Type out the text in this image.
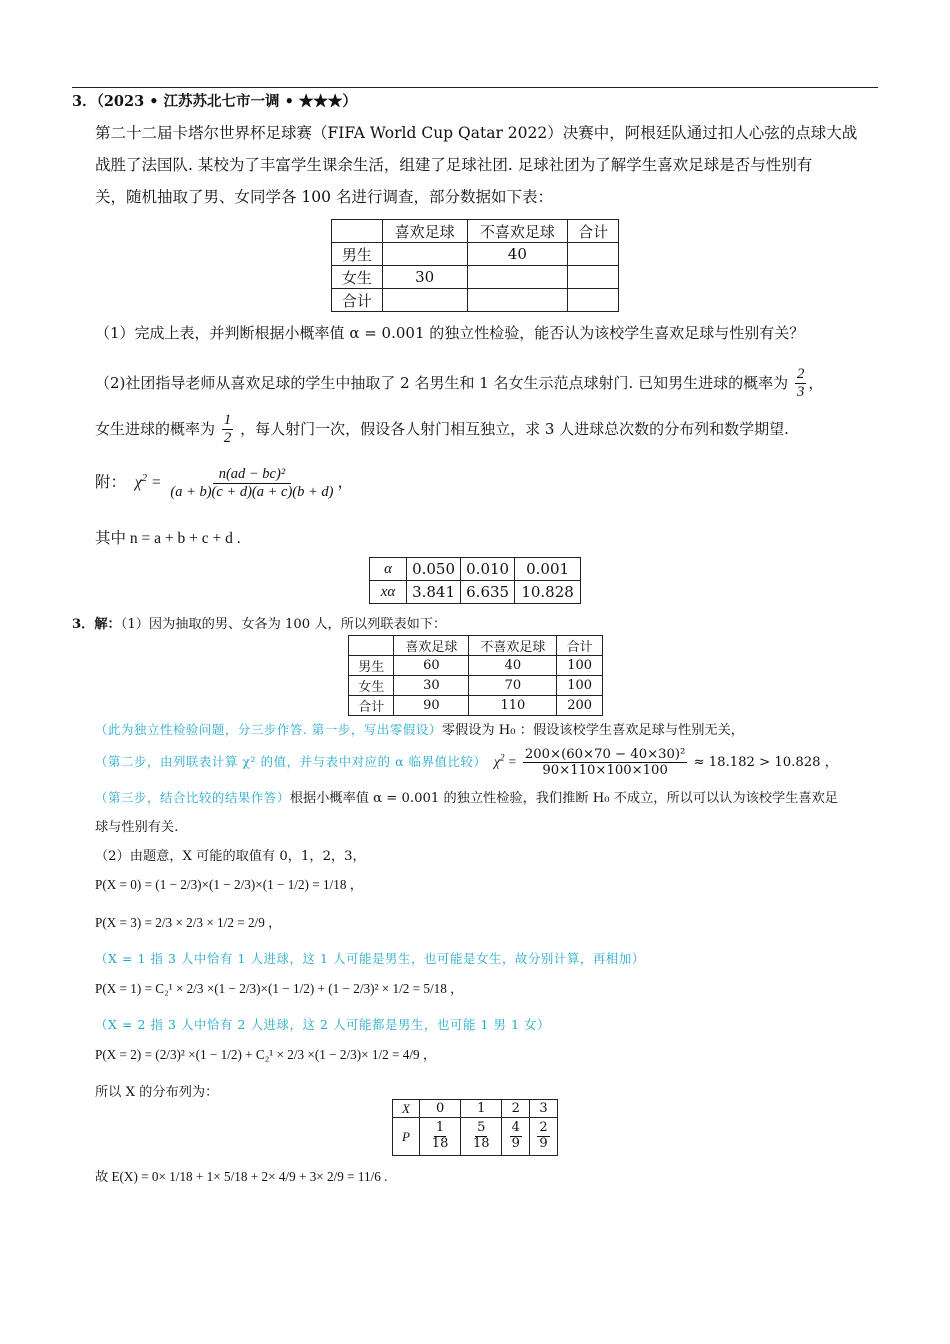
3．（2023 • 江苏苏北七市一调 • ★★★）
第二十二届卡塔尔世界杯足球赛（FIFA World Cup Qatar 2022）决赛中，阿根廷队通过扣人心弦的点球大战
战胜了法国队. 某校为了丰富学生课余生活，组建了足球社团. 足球社团为了解学生喜欢足球是否与性别有
关，随机抽取了男、女同学各 100 名进行调查，部分数据如下表：
	喜欢足球	不喜欢足球	合计
男生		40	
女生	30		
合计			
（1）完成上表，并判断根据小概率值 α = 0.001 的独立性检验，能否认为该校学生喜欢足球与性别有关？
（2)社团指导老师从喜欢足球的学生中抽取了 2 名男生和 1 名女生示范点球射门. 已知男生进球的概率为 $\frac{2}{3}$ ，
女生进球的概率为 $\frac{1}{2}$ ，每人射门一次，假设各人射门相互独立，求 3 人进球总次数的分布列和数学期望.
附：  $\chi^2 = \frac{\text{n(ad − bc)²}}{(a + b)(c + d)(a + c)(b + d)}$ ，
其中 n = a + b + c + d .
α	0.050	0.010	0.001
xα	3.841	6.635	10.828
3．解：（1）因为抽取的男、女各为 100 人，所以列联表如下：
	喜欢足球	不喜欢足球	合计
男生	60	40	100
女生	30	70	100
合计	90	110	200
（此为独立性检验问题，分三步作答. 第一步，写出零假设）零假设为 H₀ ：假设该校学生喜欢足球与性别无关，
（第二步，由列联表计算 χ² 的值，并与表中对应的 α 临界值比较）  $\chi^2 = \frac{\text{200×(60×70 − 40×30)²}}{90\times 110\times 100\times 100} \approx 18.182 > 10.828$ ，
（第三步，结合比较的结果作答）根据小概率值 α = 0.001 的独立性检验，我们推断 H₀ 不成立，所以可以认为该校学生喜欢足
球与性别有关.
（2）由题意，X 可能的取值有 0，1，2，3，
P(X = 0) = (1 − 2/3)×(1 − 2/3)×(1 − 1/2) = 1/18 ，
P(X = 3) = 2/3 × 2/3 × 1/2 = 2/9 ，
（X = 1 指 3 人中恰有 1 人进球，这 1 人可能是男生，也可能是女生，故分别计算，再相加）
P(X = 1) = C₂¹ × 2/3 ×(1 − 2/3)×(1 − 1/2) + (1 − 2/3)² × 1/2 = 5/18 ，
（X = 2 指 3 人中恰有 2 人进球，这 2 人可能都是男生，也可能 1 男 1 女）
P(X = 2) = (2/3)² ×(1 − 1/2) + C₂¹ × 2/3 ×(1 − 2/3)× 1/2 = 4/9 ，
所以 X 的分布列为：
X	0	1	2	3
P	$\frac{1}{18}$	$\frac{5}{18}$	$\frac{4}{9}$	$\frac{2}{9}$
故 E(X) = 0× 1/18 + 1× 5/18 + 2× 4/9 + 3× 2/9 = 11/6 .
